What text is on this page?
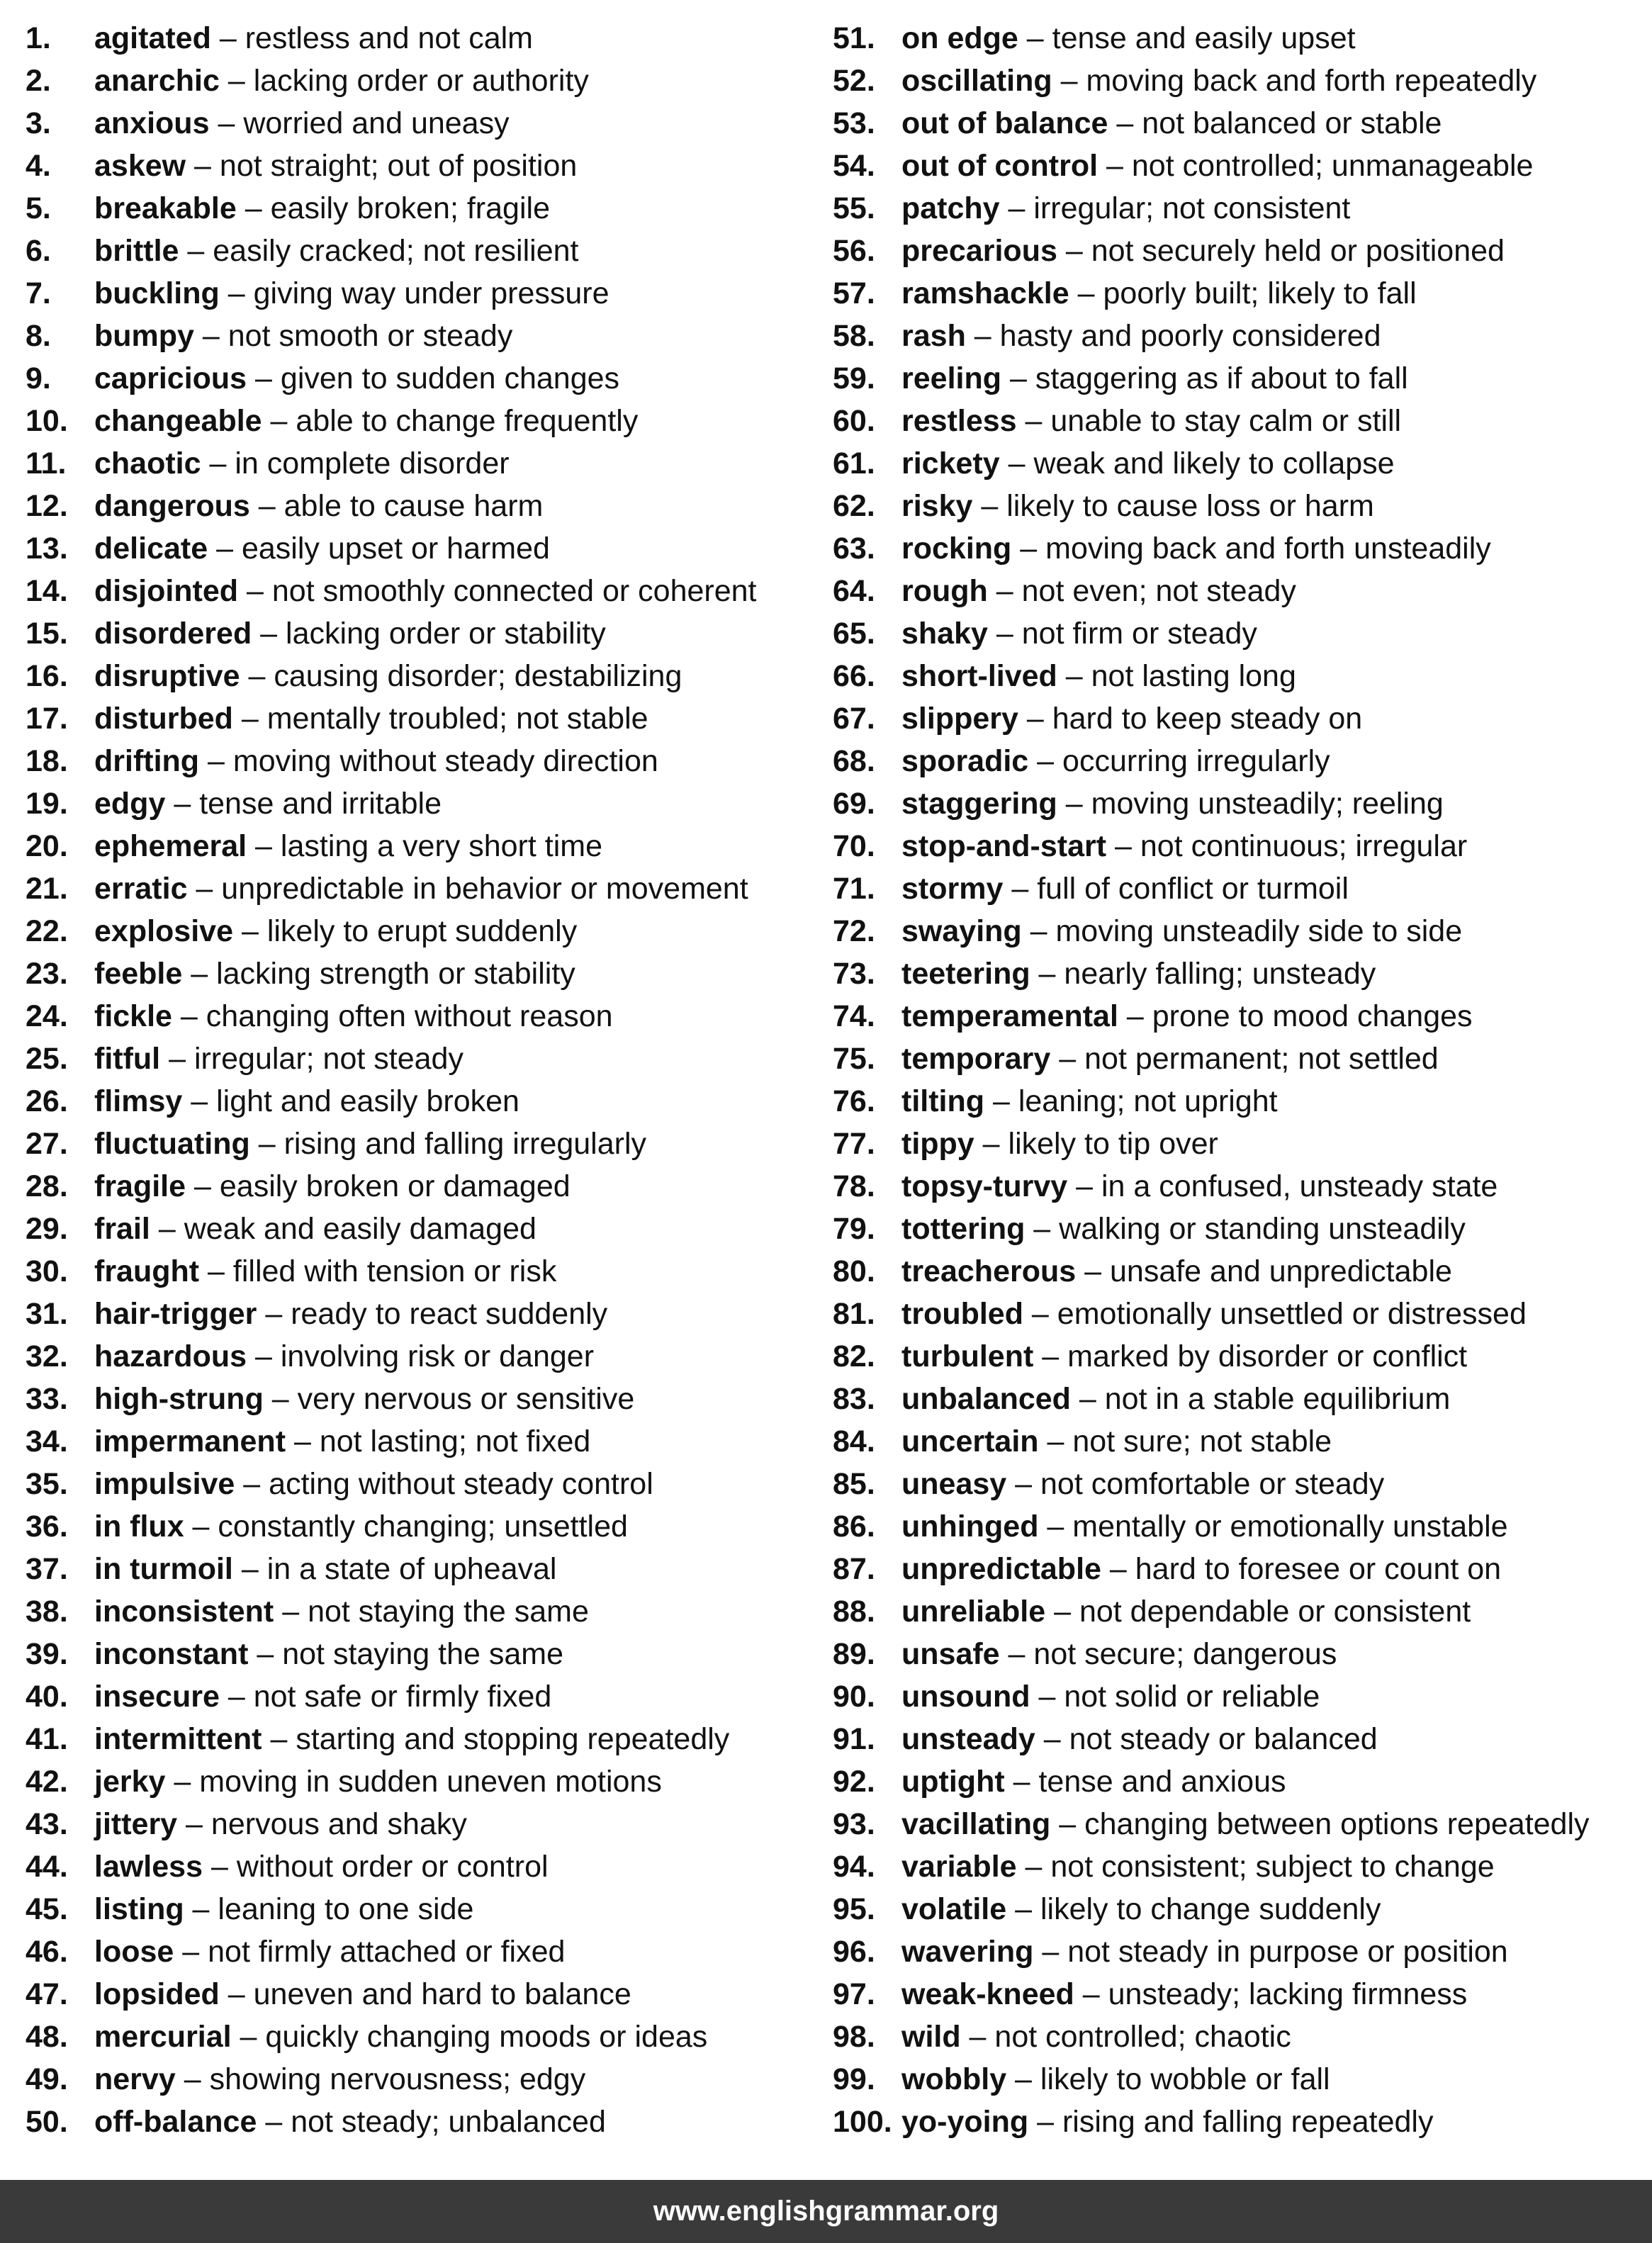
1. agitated – restless and not calm
2. anarchic – lacking order or authority
3. anxious – worried and uneasy
4. askew – not straight; out of position
5. breakable – easily broken; fragile
6. brittle – easily cracked; not resilient
7. buckling – giving way under pressure
8. bumpy – not smooth or steady
9. capricious – given to sudden changes
10. changeable – able to change frequently
11. chaotic – in complete disorder
12. dangerous – able to cause harm
13. delicate – easily upset or harmed
14. disjointed – not smoothly connected or coherent
15. disordered – lacking order or stability
16. disruptive – causing disorder; destabilizing
17. disturbed – mentally troubled; not stable
18. drifting – moving without steady direction
19. edgy – tense and irritable
20. ephemeral – lasting a very short time
21. erratic – unpredictable in behavior or movement
22. explosive – likely to erupt suddenly
23. feeble – lacking strength or stability
24. fickle – changing often without reason
25. fitful – irregular; not steady
26. flimsy – light and easily broken
27. fluctuating – rising and falling irregularly
28. fragile – easily broken or damaged
29. frail – weak and easily damaged
30. fraught – filled with tension or risk
31. hair-trigger – ready to react suddenly
32. hazardous – involving risk or danger
33. high-strung – very nervous or sensitive
34. impermanent – not lasting; not fixed
35. impulsive – acting without steady control
36. in flux – constantly changing; unsettled
37. in turmoil – in a state of upheaval
38. inconsistent – not staying the same
39. inconstant – not staying the same
40. insecure – not safe or firmly fixed
41. intermittent – starting and stopping repeatedly
42. jerky – moving in sudden uneven motions
43. jittery – nervous and shaky
44. lawless – without order or control
45. listing – leaning to one side
46. loose – not firmly attached or fixed
47. lopsided – uneven and hard to balance
48. mercurial – quickly changing moods or ideas
49. nervy – showing nervousness; edgy
50. off-balance – not steady; unbalanced
51. on edge – tense and easily upset
52. oscillating – moving back and forth repeatedly
53. out of balance – not balanced or stable
54. out of control – not controlled; unmanageable
55. patchy – irregular; not consistent
56. precarious – not securely held or positioned
57. ramshackle – poorly built; likely to fall
58. rash – hasty and poorly considered
59. reeling – staggering as if about to fall
60. restless – unable to stay calm or still
61. rickety – weak and likely to collapse
62. risky – likely to cause loss or harm
63. rocking – moving back and forth unsteadily
64. rough – not even; not steady
65. shaky – not firm or steady
66. short-lived – not lasting long
67. slippery – hard to keep steady on
68. sporadic – occurring irregularly
69. staggering – moving unsteadily; reeling
70. stop-and-start – not continuous; irregular
71. stormy – full of conflict or turmoil
72. swaying – moving unsteadily side to side
73. teetering – nearly falling; unsteady
74. temperamental – prone to mood changes
75. temporary – not permanent; not settled
76. tilting – leaning; not upright
77. tippy – likely to tip over
78. topsy-turvy – in a confused, unsteady state
79. tottering – walking or standing unsteadily
80. treacherous – unsafe and unpredictable
81. troubled – emotionally unsettled or distressed
82. turbulent – marked by disorder or conflict
83. unbalanced – not in a stable equilibrium
84. uncertain – not sure; not stable
85. uneasy – not comfortable or steady
86. unhinged – mentally or emotionally unstable
87. unpredictable – hard to foresee or count on
88. unreliable – not dependable or consistent
89. unsafe – not secure; dangerous
90. unsound – not solid or reliable
91. unsteady – not steady or balanced
92. uptight – tense and anxious
93. vacillating – changing between options repeatedly
94. variable – not consistent; subject to change
95. volatile – likely to change suddenly
96. wavering – not steady in purpose or position
97. weak-kneed – unsteady; lacking firmness
98. wild – not controlled; chaotic
99. wobbly – likely to wobble or fall
100. yo-yoing – rising and falling repeatedly
www.englishgrammar.org
